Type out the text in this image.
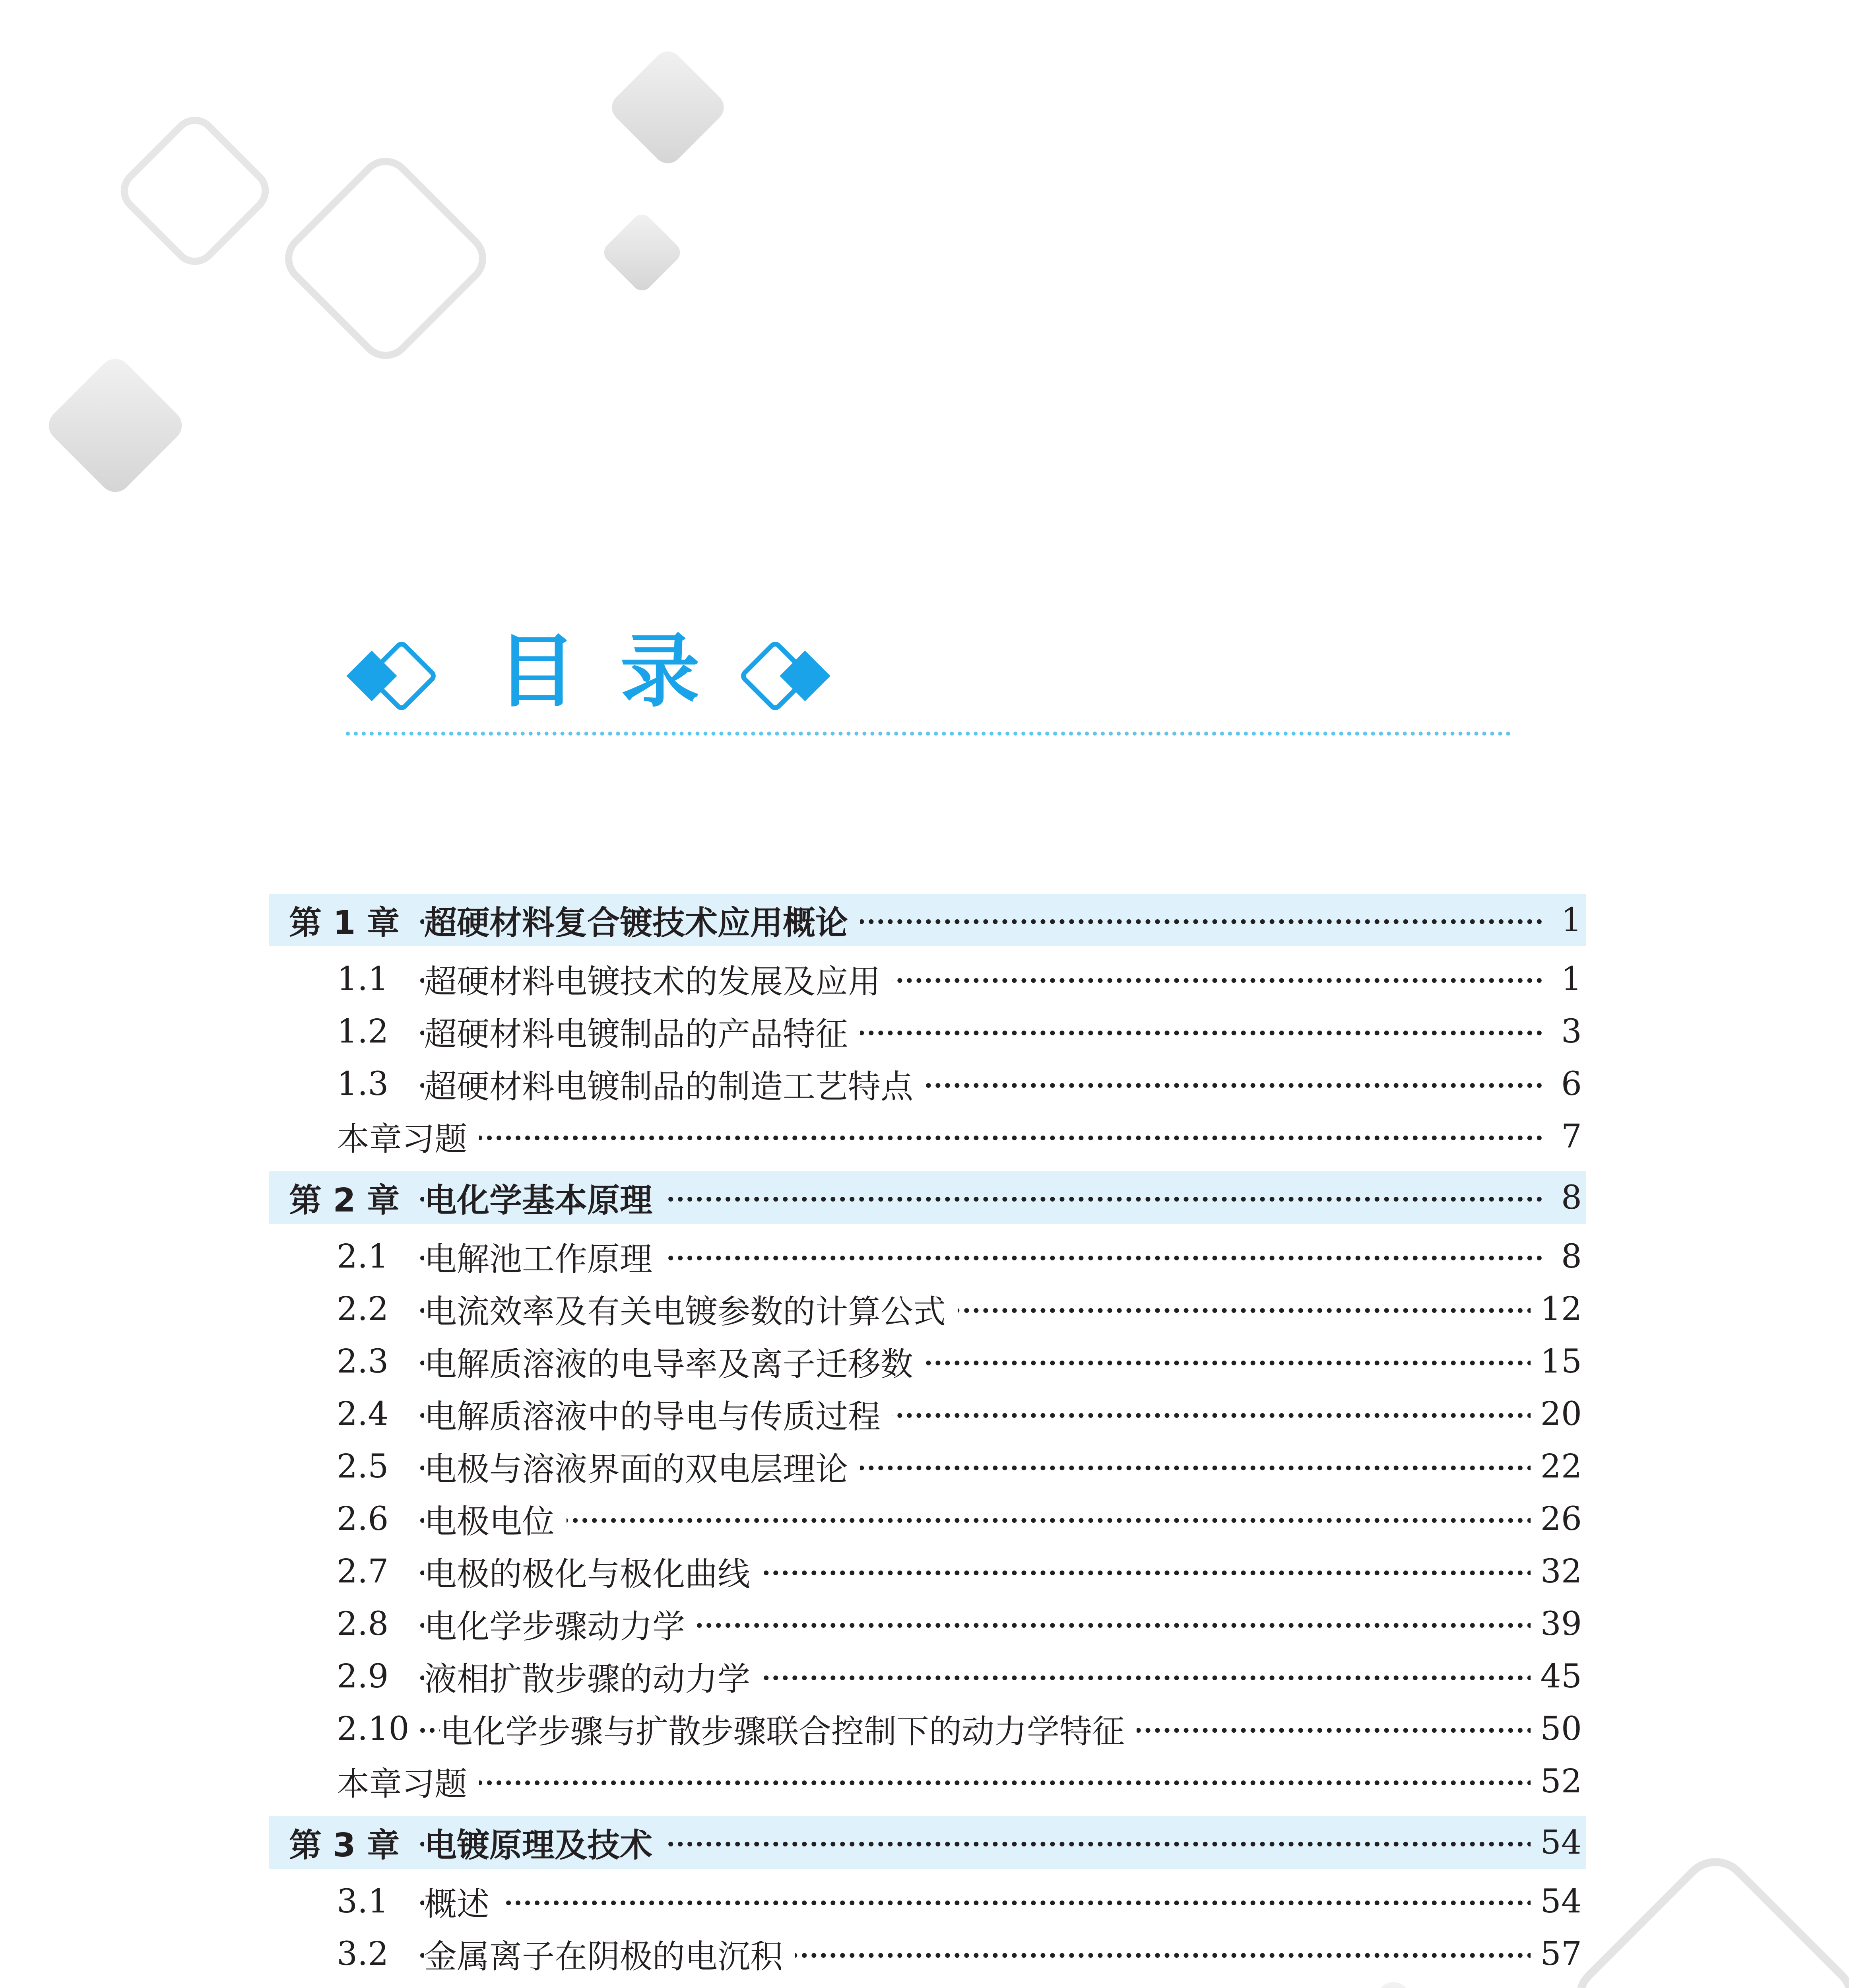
目 录
第 1 章 超硬材料复合镀技术应用概论	1
1.1 超硬材料电镀技术的发展及应用	1
1.2 超硬材料电镀制品的产品特征	3
1.3 超硬材料电镀制品的制造工艺特点	6
本章习题	7
第 2 章 电化学基本原理	8
2.1 电解池工作原理	8
2.2 电流效率及有关电镀参数的计算公式	12
2.3 电解质溶液的电导率及离子迁移数	15
2.4 电解质溶液中的导电与传质过程	20
2.5 电极与溶液界面的双电层理论	22
2.6 电极电位	26
2.7 电极的极化与极化曲线	32
2.8 电化学步骤动力学	39
2.9 液相扩散步骤的动力学	45
2.10 电化学步骤与扩散步骤联合控制下的动力学特征	50
本章习题	52
第 3 章 电镀原理及技术	54
3.1 概述	54
3.2 金属离子在阴极的电沉积	57
